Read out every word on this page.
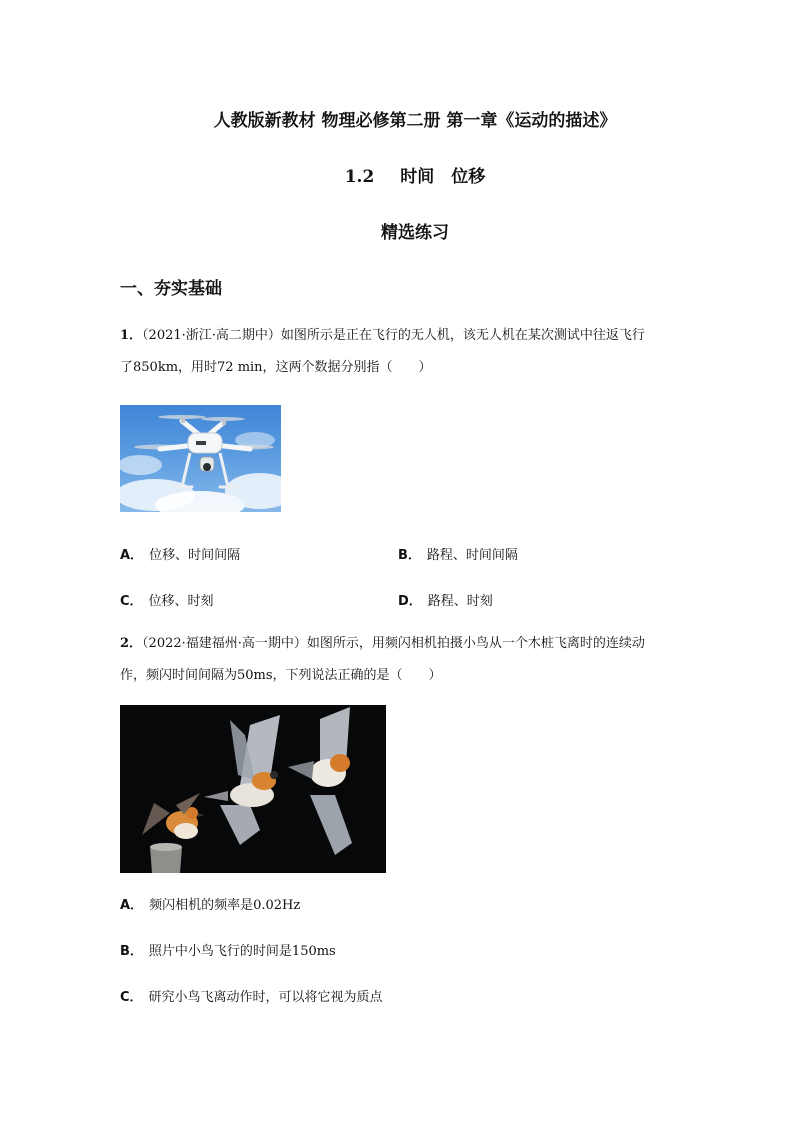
人教版新教材 物理必修第二册 第一章《运动的描述》
1.2 时间　位移
精选练习
一、夯实基础
1．（2021·浙江·高二期中）如图所示是正在飞行的无人机，该无人机在某次测试中往返飞行
了850km，用时72 min，这两个数据分别指（　　）
A． 位移、时间间隔	B． 路程、时间间隔
C． 位移、时刻	D． 路程、时刻
2．（2022·福建福州·高一期中）如图所示，用频闪相机拍摄小鸟从一个木桩飞离时的连续动
作，频闪时间间隔为50ms，下列说法正确的是（　　）
A． 频闪相机的频率是0.02Hz
B． 照片中小鸟飞行的时间是150ms
C． 研究小鸟飞离动作时，可以将它视为质点
